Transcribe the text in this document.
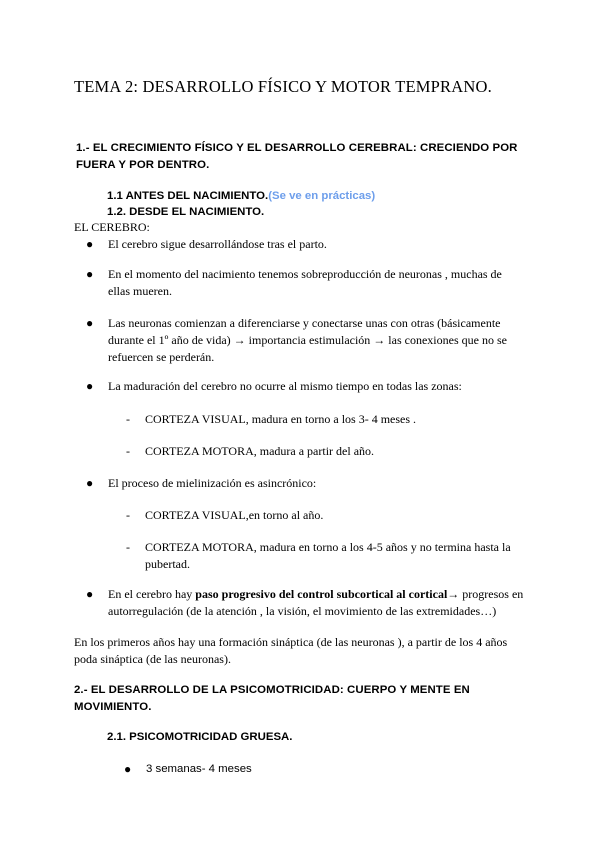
TEMA 2: DESARROLLO FÍSICO Y MOTOR TEMPRANO.
1.- EL CRECIMIENTO FÍSICO Y EL DESARROLLO CEREBRAL: CRECIENDO POR FUERA Y POR DENTRO.
1.1 ANTES DEL NACIMIENTO.(Se ve en prácticas)
1.2. DESDE EL NACIMIENTO.
EL CEREBRO:
● El cerebro sigue desarrollándose tras el parto.
● En el momento del nacimiento tenemos sobreproducción de neuronas , muchas de ellas mueren.
● Las neuronas comienzan a diferenciarse y conectarse unas con otras (básicamente durante el 1º año de vida) → importancia estimulación → las conexiones que no se refuercen se perderán.
● La maduración del cerebro no ocurre al mismo tiempo en todas las zonas:
- CORTEZA VISUAL, madura en torno a los 3- 4 meses .
- CORTEZA MOTORA, madura a partir del año.
● El proceso de mielinización es asincrónico:
- CORTEZA VISUAL,en torno al año.
- CORTEZA MOTORA, madura en torno a los 4-5 años y no termina hasta la pubertad.
● En el cerebro hay paso progresivo del control subcortical al cortical→ progresos en autorregulación (de la atención , la visión, el movimiento de las extremidades…)
En los primeros años hay una formación sináptica (de las neuronas ), a partir de los 4 años poda sináptica (de las neuronas).
2.- EL DESARROLLO DE LA PSICOMOTRICIDAD: CUERPO Y MENTE EN MOVIMIENTO.
2.1. PSICOMOTRICIDAD GRUESA.
● 3 semanas- 4 meses
